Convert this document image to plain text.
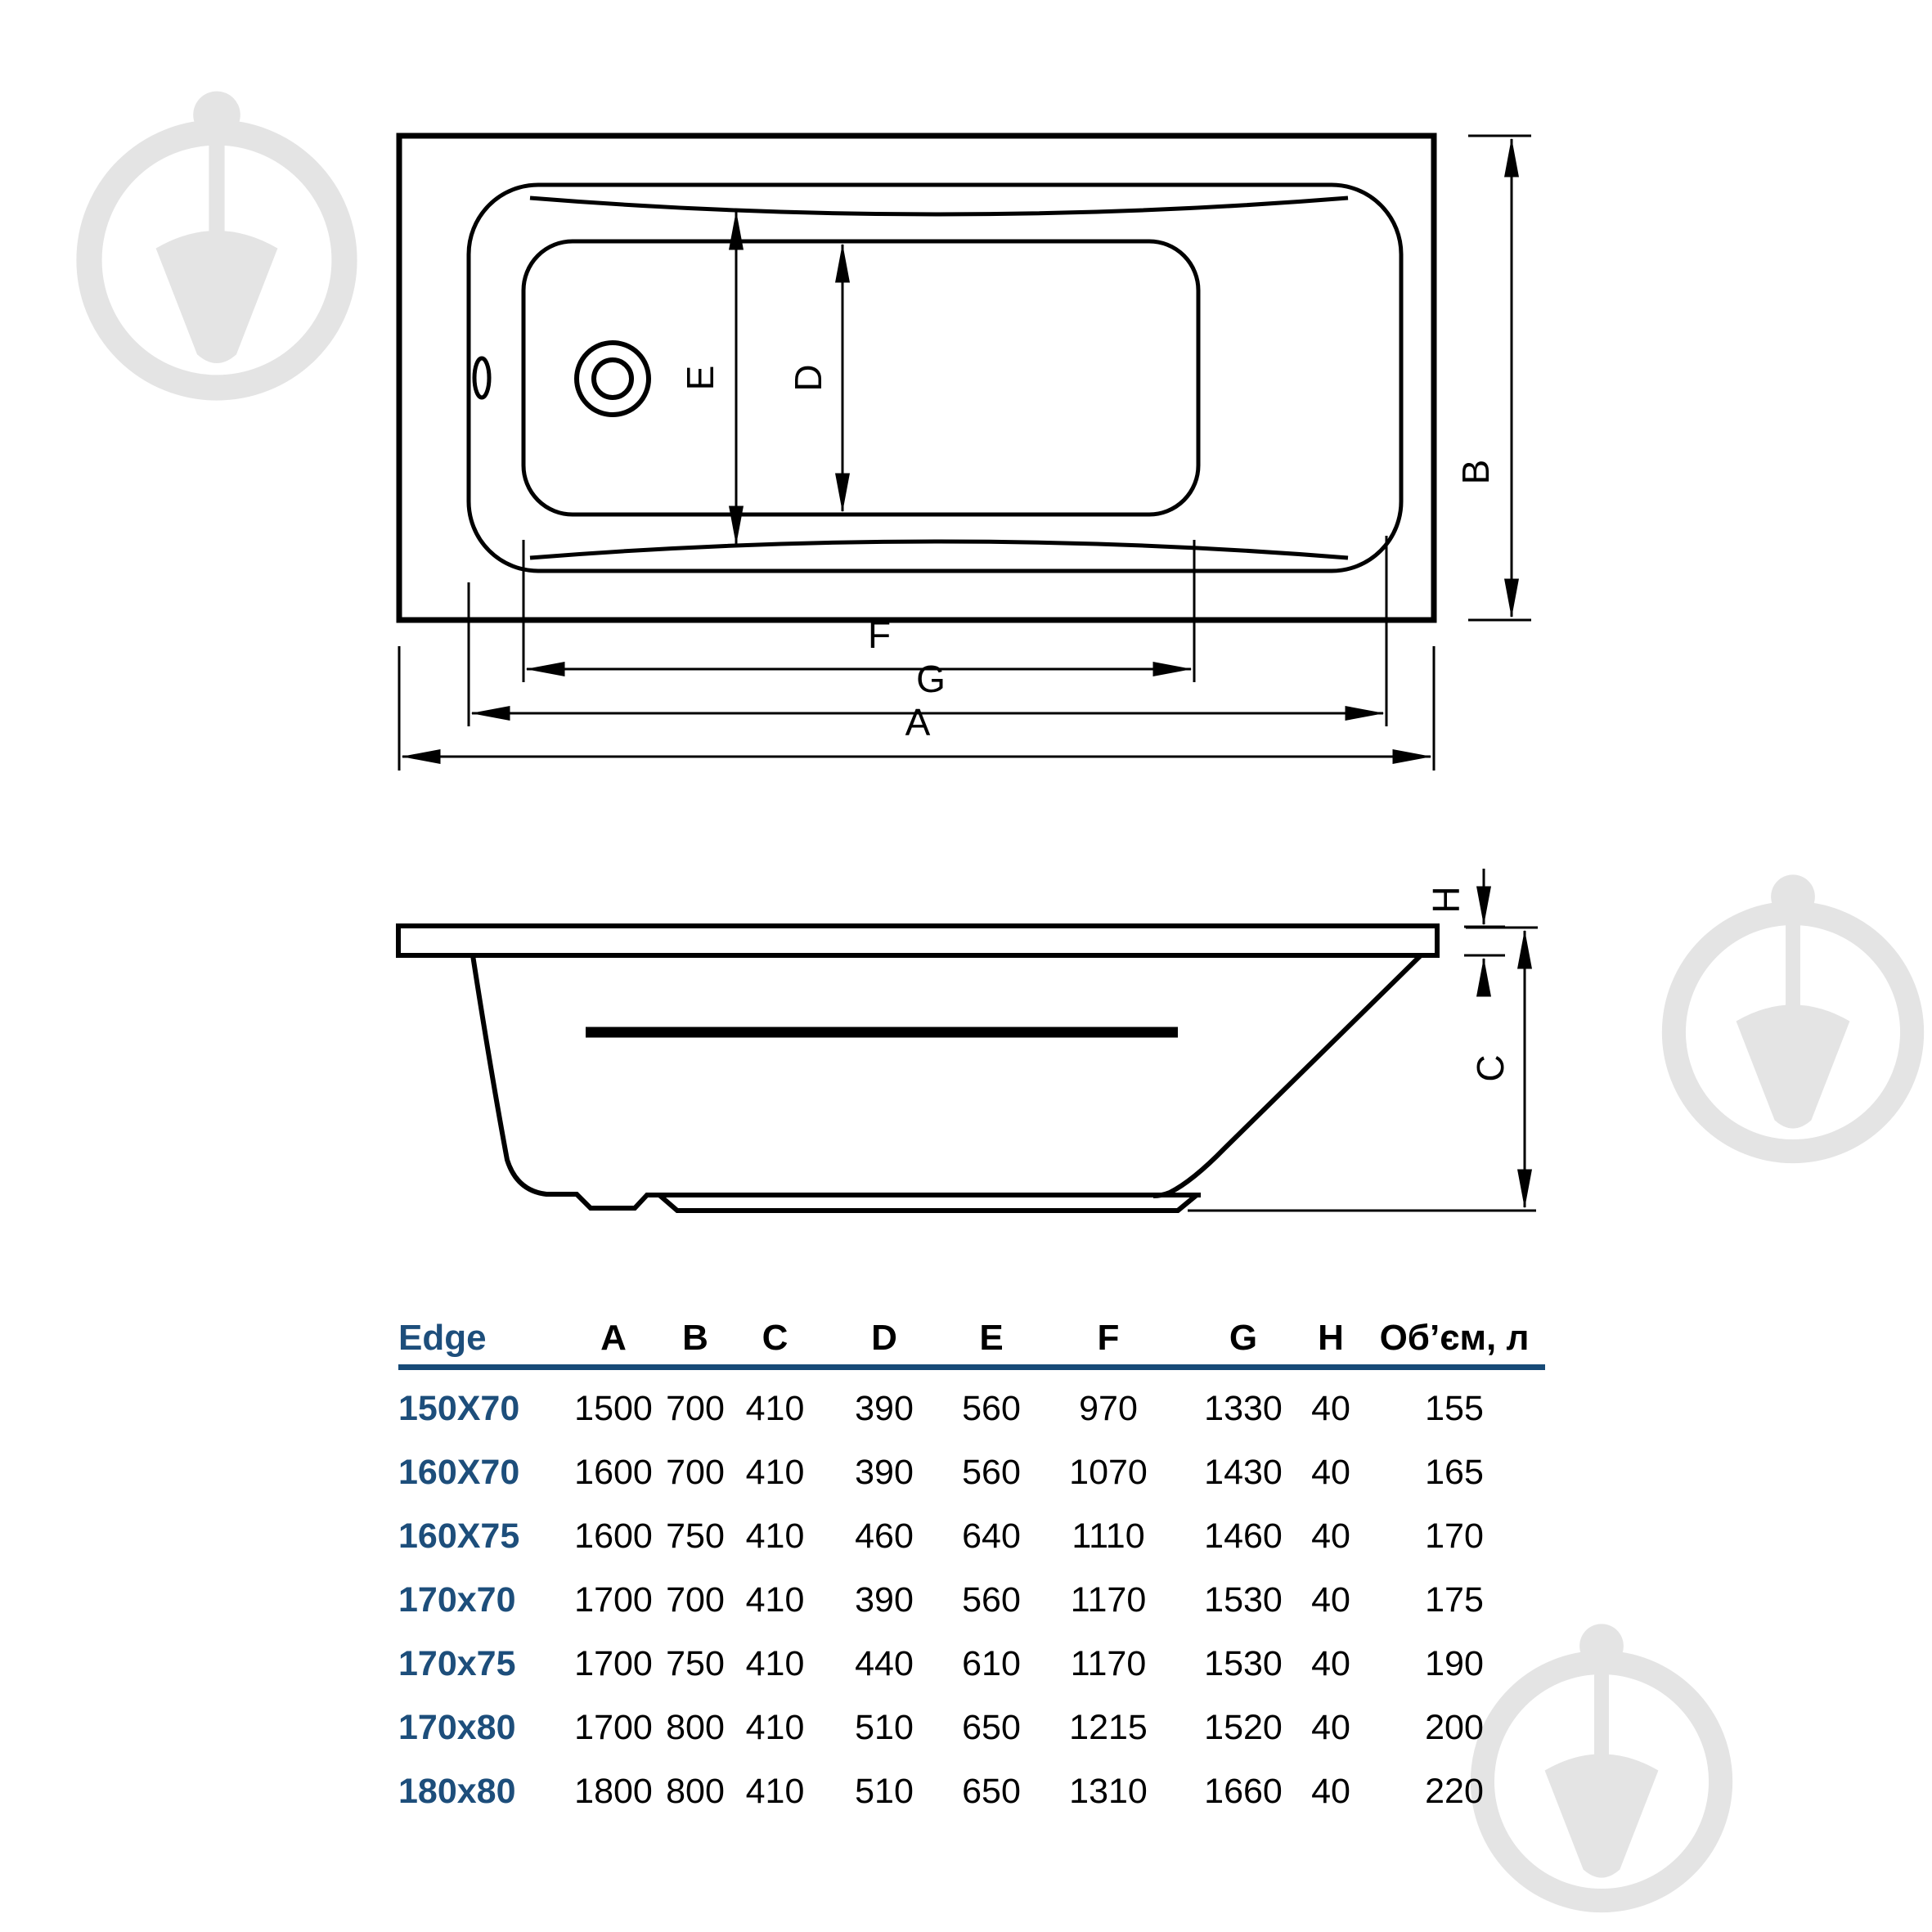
E D
B
F
G
A
H
C
Edge	A	B	C	D	E	F	G	H Об’єм, л
150X70	1500 700 410	390	560	970	1330 40	155
160X70	1600 700 410	390	560	1070	1430 40	165
160X75	1600 750 410	460	640	1110	1460 40	170
170x70	1700 700 410	390	560	1170	1530 40	175
170x75	1700 750 410	440	610	1170	1530 40	190
170x80	1700 800 410	510	650	1215	1520 40	200
180x80	1800 800 410	510	650	1310	1660 40	220
